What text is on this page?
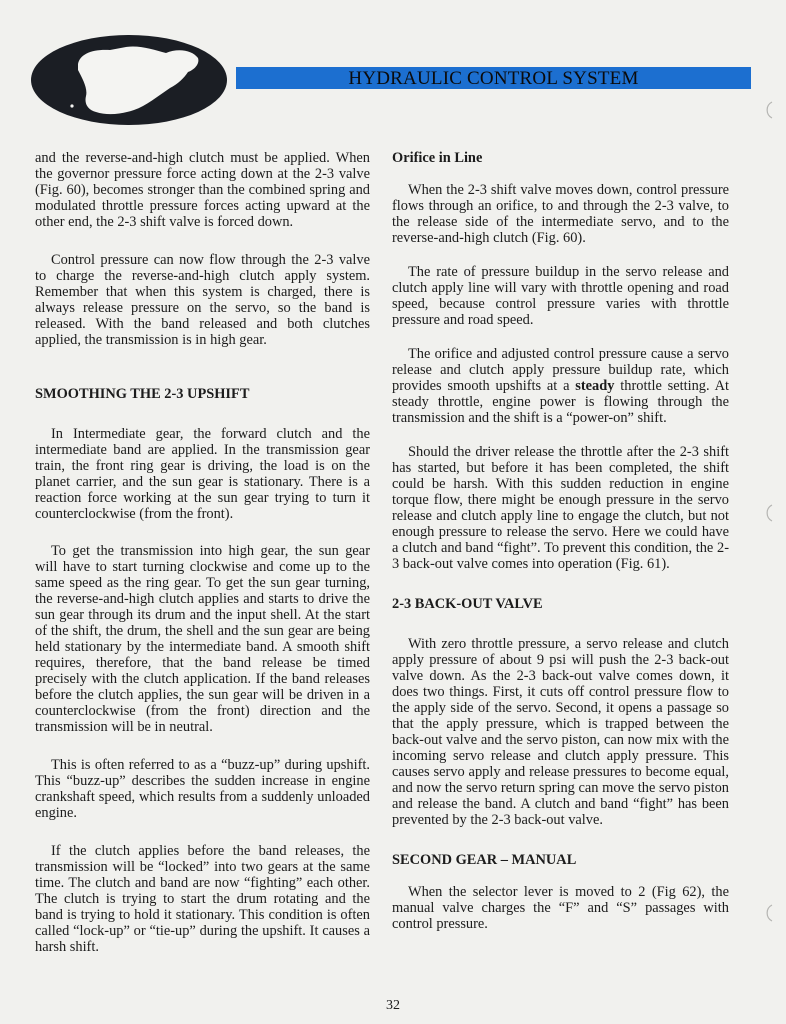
HYDRAULIC CONTROL SYSTEM

and the reverse-and-high clutch must be applied. When the governor pressure force acting down at the 2-3 valve (Fig. 60), becomes stronger than the combined spring and modulated throttle pressure forces acting upward at the other end, the 2-3 shift valve is forced down.

Control pressure can now flow through the 2-3 valve to charge the reverse-and-high clutch apply system. Remember that when this system is charged, there is always release pressure on the servo, so the band is released. With the band released and both clutches applied, the transmission is in high gear.

SMOOTHING THE 2-3 UPSHIFT

In Intermediate gear, the forward clutch and the intermediate band are applied. In the transmission gear train, the front ring gear is driving, the load is on the planet carrier, and the sun gear is stationary. There is a reaction force working at the sun gear trying to turn it counterclockwise (from the front).

To get the transmission into high gear, the sun gear will have to start turning clockwise and come up to the same speed as the ring gear. To get the sun gear turning, the reverse-and-high clutch applies and starts to drive the sun gear through its drum and the input shell. At the start of the shift, the drum, the shell and the sun gear are being held stationary by the intermediate band. A smooth shift requires, therefore, that the band release be timed precisely with the clutch application. If the band releases before the clutch applies, the sun gear will be driven in a counterclockwise (from the front) direction and the transmission will be in neutral.

This is often referred to as a “buzz-up” during upshift. This “buzz-up” describes the sudden increase in engine crankshaft speed, which results from a suddenly unloaded engine.

If the clutch applies before the band releases, the transmission will be “locked” into two gears at the same time. The clutch and band are now “fighting” each other. The clutch is trying to start the drum rotating and the band is trying to hold it stationary. This condition is often called “lock-up” or “tie-up” during the upshift. It causes a harsh shift.

Orifice in Line

When the 2-3 shift valve moves down, control pressure flows through an orifice, to and through the 2-3 valve, to the release side of the intermediate servo, and to the reverse-and-high clutch (Fig. 60).

The rate of pressure buildup in the servo release and clutch apply line will vary with throttle opening and road speed, because control pressure varies with throttle pressure and road speed.

The orifice and adjusted control pressure cause a servo release and clutch apply pressure buildup rate, which provides smooth upshifts at a steady throttle setting. At steady throttle, engine power is flowing through the transmission and the shift is a “power-on” shift.

Should the driver release the throttle after the 2-3 shift has started, but before it has been completed, the shift could be harsh. With this sudden reduction in engine torque flow, there might be enough pressure in the servo release and clutch apply line to engage the clutch, but not enough pressure to release the servo. Here we could have a clutch and band “fight”. To prevent this condition, the 2-3 back-out valve comes into operation (Fig. 61).

2-3 BACK-OUT VALVE

With zero throttle pressure, a servo release and clutch apply pressure of about 9 psi will push the 2-3 back-out valve down. As the 2-3 back-out valve comes down, it does two things. First, it cuts off control pressure flow to the apply side of the servo. Second, it opens a passage so that the apply pressure, which is trapped between the back-out valve and the servo piston, can now mix with the incoming servo release and clutch apply pressure. This causes servo apply and release pressures to become equal, and now the servo return spring can move the servo piston and release the band. A clutch and band “fight” has been prevented by the 2-3 back-out valve.

SECOND GEAR – MANUAL

When the selector lever is moved to 2 (Fig 62), the manual valve charges the “F” and “S” passages with control pressure.

32
